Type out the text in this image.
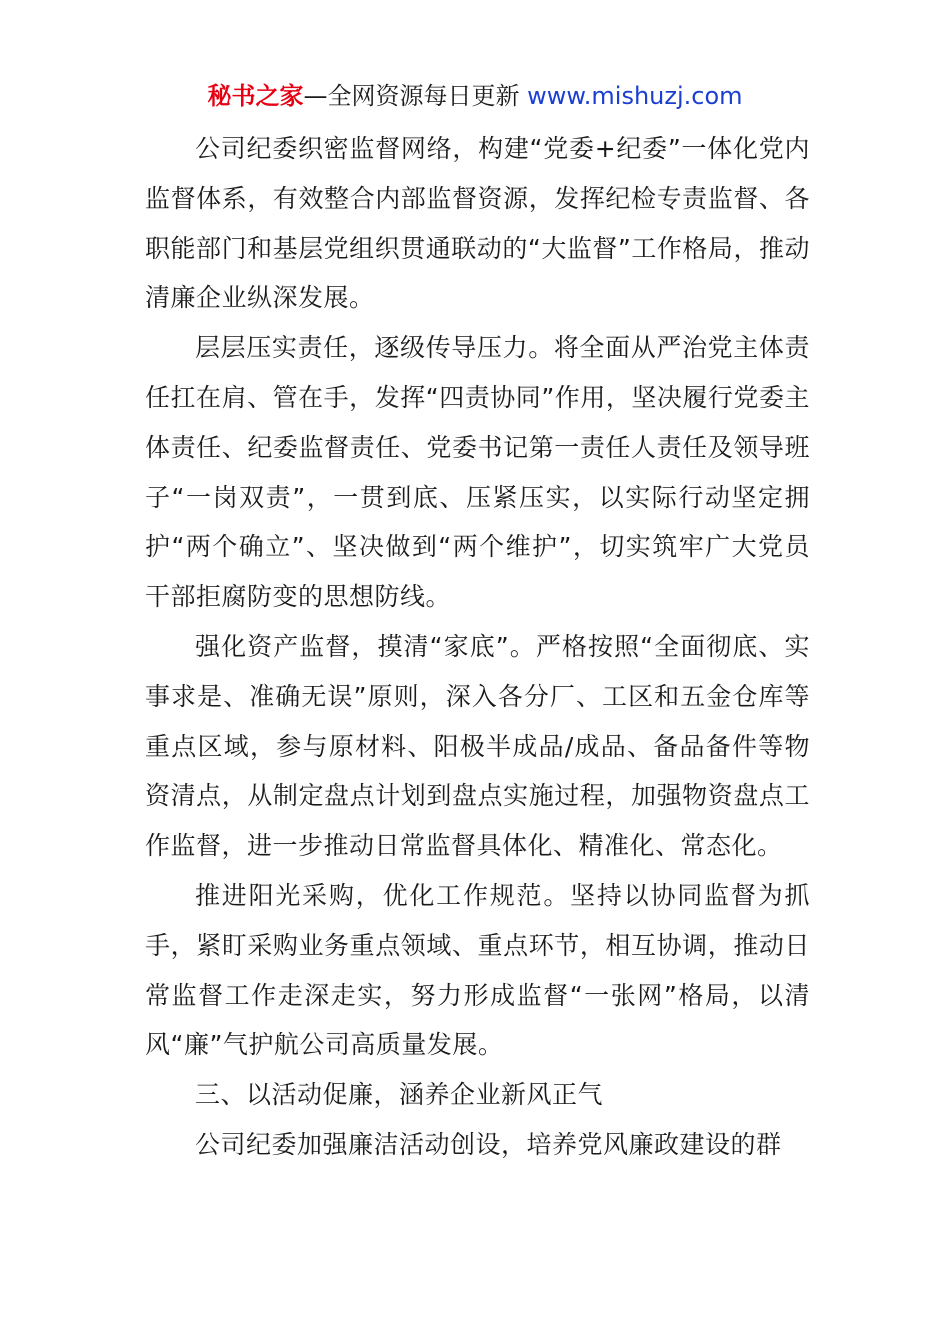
秘书之家—全网资源每日更新 www.mishuzj.com

公司纪委织密监督网络，构建“党委+纪委”一体化党内监督体系，有效整合内部监督资源，发挥纪检专责监督、各职能部门和基层党组织贯通联动的“大监督”工作格局，推动清廉企业纵深发展。

层层压实责任，逐级传导压力。将全面从严治党主体责任扛在肩、管在手，发挥“四责协同”作用，坚决履行党委主体责任、纪委监督责任、党委书记第一责任人责任及领导班子“一岗双责”，一贯到底、压紧压实，以实际行动坚定拥护“两个确立”、坚决做到“两个维护”，切实筑牢广大党员干部拒腐防变的思想防线。

强化资产监督，摸清“家底”。严格按照“全面彻底、实事求是、准确无误”原则，深入各分厂、工区和五金仓库等重点区域，参与原材料、阳极半成品/成品、备品备件等物资清点，从制定盘点计划到盘点实施过程，加强物资盘点工作监督，进一步推动日常监督具体化、精准化、常态化。

推进阳光采购，优化工作规范。坚持以协同监督为抓手，紧盯采购业务重点领域、重点环节，相互协调，推动日常监督工作走深走实，努力形成监督“一张网”格局，以清风“廉”气护航公司高质量发展。

三、以活动促廉，涵养企业新风正气

公司纪委加强廉洁活动创设，培养党风廉政建设的群
